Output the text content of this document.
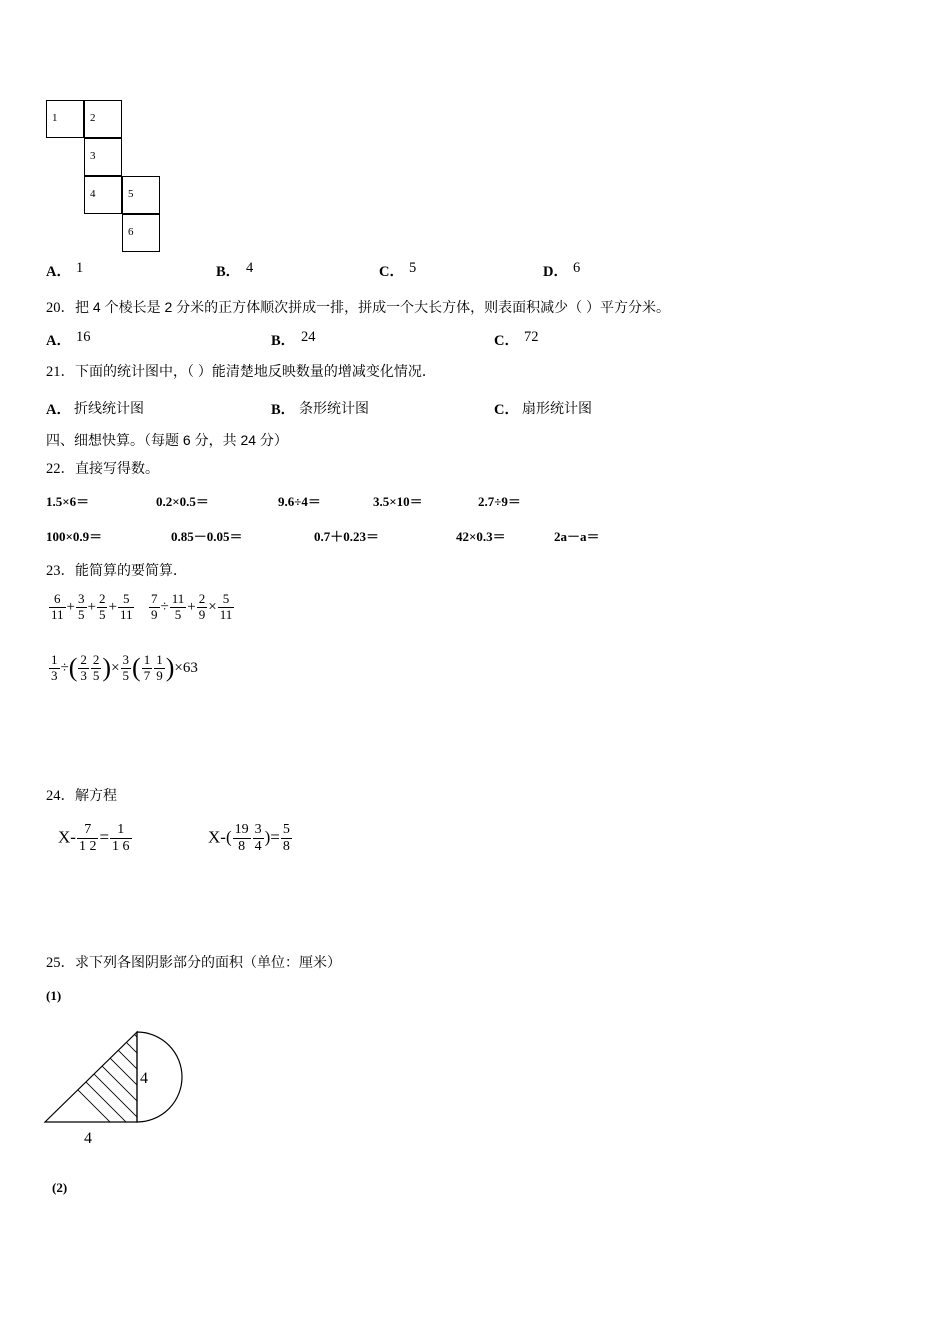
1	2
3
4	5
6
A． 1	B． 4	C． 5	D． 6
20．把 4 个棱长是 2 分米的正方体顺次拼成一排，拼成一个大长方体，则表面积减少（ ）平方分米。
A． 16	B． 24	C． 72
21．下面的统计图中，（ ）能清楚地反映数量的增减变化情况．
A． 折线统计图	B． 条形统计图	C． 扇形统计图
四、细想快算。（每题 6 分，共 24 分）
22．直接写得数。
1.5×6＝	0.2×0.5＝	9.6÷4＝	3.5×10＝	2.7÷9＝
100×0.9＝	0.85－0.05＝	0.7＋0.23＝	42×0.3＝	2a－a＝
23．能简算的要简算．
$\frac{6}{11} + \frac{3}{5} + \frac{2}{5} + \frac{5}{11} \frac{7}{9} \div \frac{11}{5} + \frac{2}{9} \times \frac{5}{11}$
$\frac{1}{3}$ ÷( $\frac{2}{3} \frac{2}{5}$ )× $\frac{3}{5}$ ( $\frac{1}{7} \frac{1}{9} )\times 63$
24．解方程
$X- \frac{7}{1 2} = \frac{1}{1 6}$	$X-( \frac{19}{8} \frac{3}{4}$ )= $\frac{5}{8}$
25．求下列各图阴影部分的面积（单位：厘米）
(1)
4
4
(2)
